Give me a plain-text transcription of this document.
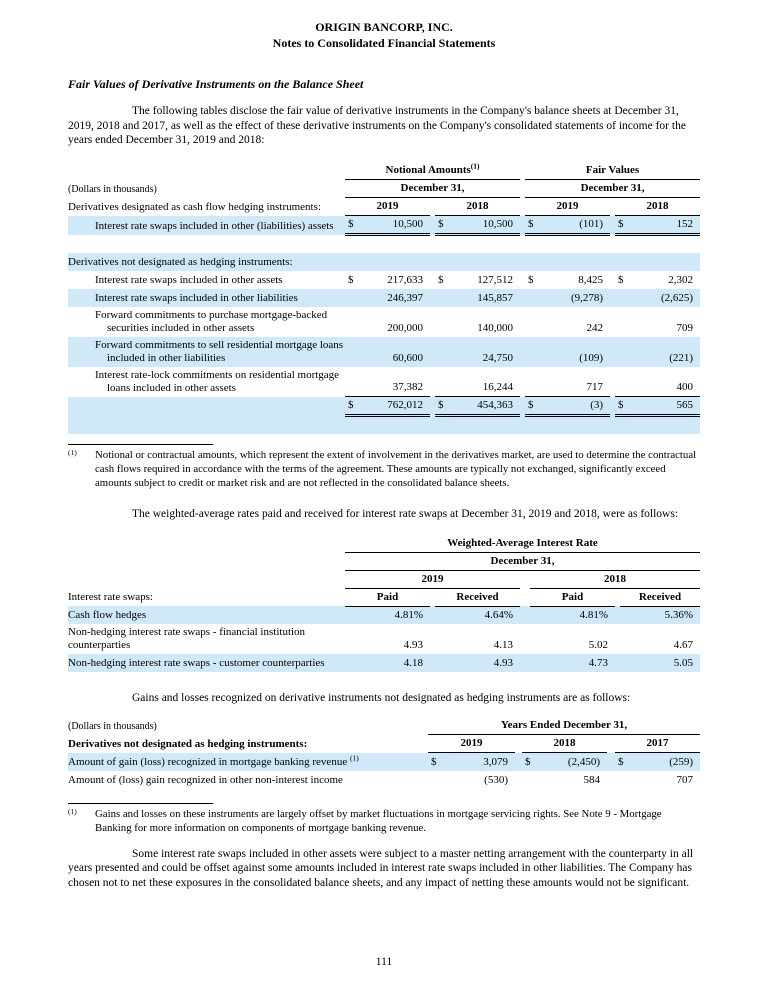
ORIGIN BANCORP, INC.
Notes to Consolidated Financial Statements
Fair Values of Derivative Instruments on the Balance Sheet

The following tables disclose the fair value of derivative instruments in the Company's balance sheets at December 31, 2019, 2018 and 2017, as well as the effect of these derivative instruments on the Company's consolidated statements of income for the years ended December 31, 2019 and 2018:

	Notional Amounts$^{(1)}$						Fair Values				
(Dollars in thousands)	December 31,						December 31,				
Derivatives designated as cash flow hedging instruments:	2019			2018			2019			2018	
Interest rate swaps included in other (liabilities) assets	$	10,500		$	10,500		$	(101)		$	152

Derivatives not designated as hedging instruments:											
Interest rate swaps included in other assets	$	217,633		$	127,512		$	8,425		$	2,302
Interest rate swaps included in other liabilities		246,397			145,857			(9,278)			(2,625)
Forward commitments to purchase mortgage-backed securities included in other assets		200,000			140,000			242			709
Forward commitments to sell residential mortgage loans included in other liabilities		60,600			24,750			(109)			(221)
Interest rate-lock commitments on residential mortgage loans included in other assets		37,382			16,244			717			400
	$	762,012		$	454,363		$	(3)		$	565

(1) Notional or contractual amounts, which represent the extent of involvement in the derivatives market, are used to determine the contractual cash flows required in accordance with the terms of the agreement. These amounts are typically not exchanged, significantly exceed amounts subject to credit or market risk and are not reflected in the consolidated balance sheets.

The weighted-average rates paid and received for interest rate swaps at December 31, 2019 and 2018, were as follows:

	Weighted-Average Interest Rate						
	December 31,						
	2019				2018		
Interest rate swaps:	Paid		Received		Paid		Received
Cash flow hedges	4.81%		4.64%		4.81%		5.36%
Non-hedging interest rate swaps - financial institution counterparties	4.93		4.13		5.02		4.67
Non-hedging interest rate swaps - customer counterparties	4.18		4.93		4.73		5.05

Gains and losses recognized on derivative instruments not designated as hedging instruments are as follows:

(Dollars in thousands)	Years Ended December 31,							
Derivatives not designated as hedging instruments:	2019			2018			2017	
Amount of gain (loss) recognized in mortgage banking revenue $^{(1)}$	$	3,079		$	(2,450)		$	(259)
Amount of (loss) gain recognized in other non-interest income		(530)			584			707
(1) Gains and losses on these instruments are largely offset by market fluctuations in mortgage servicing rights. See Note 9 - Mortgage Banking for more information on components of mortgage banking revenue.

Some interest rate swaps included in other assets were subject to a master netting arrangement with the counterparty in all years presented and could be offset against some amounts included in interest rate swaps included in other liabilities. The Company has chosen not to net these exposures in the consolidated balance sheets, and any impact of netting these amounts would not be significant.

111
